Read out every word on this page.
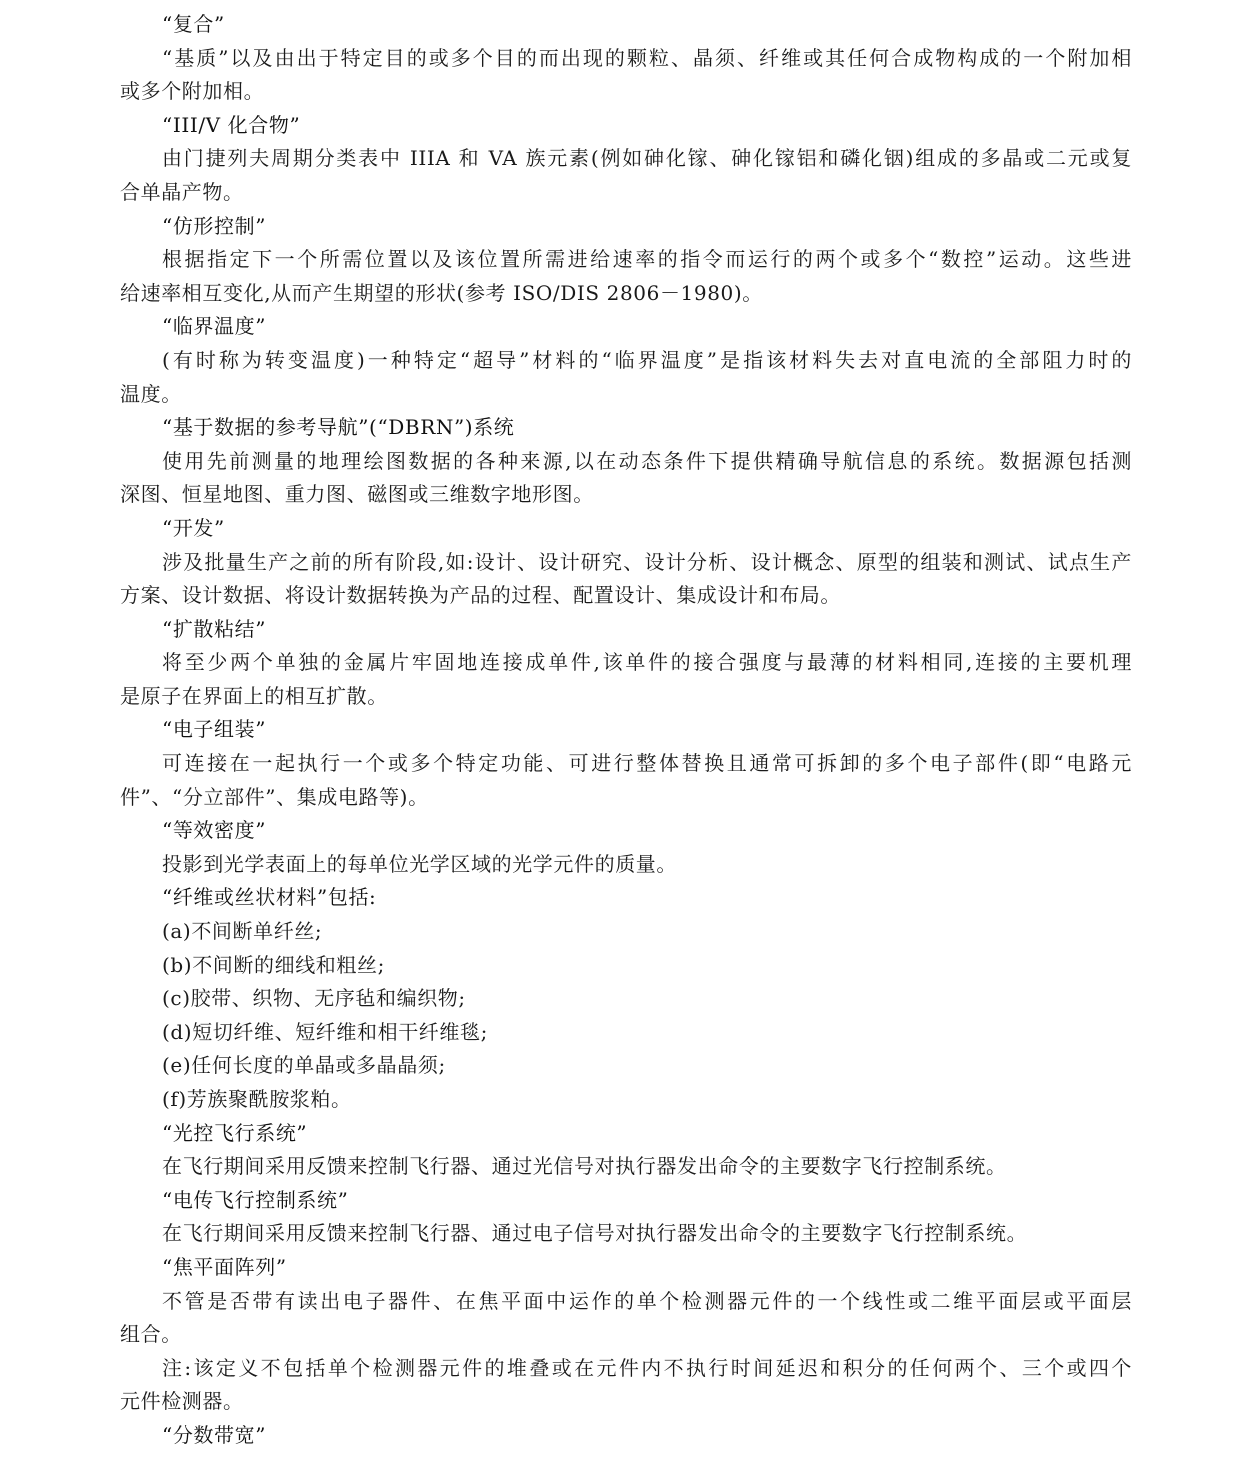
“复合”
“基质”以及由出于特定目的或多个目的而出现的颗粒、晶须、纤维或其任何合成物构成的一个附加相
或多个附加相。
“III/V 化合物”
由门捷列夫周期分类表中 IIIA 和 VA 族元素(例如砷化镓、砷化镓铝和磷化铟)组成的多晶或二元或复
合单晶产物。
“仿形控制”
根据指定下一个所需位置以及该位置所需进给速率的指令而运行的两个或多个“数控”运动。这些进
给速率相互变化,从而产生期望的形状(参考 ISO/DIS 2806－1980)。
“临界温度”
(有时称为转变温度)一种特定“超导”材料的“临界温度”是指该材料失去对直电流的全部阻力时的
温度。
“基于数据的参考导航”(“DBRN”)系统
使用先前测量的地理绘图数据的各种来源,以在动态条件下提供精确导航信息的系统。数据源包括测
深图、恒星地图、重力图、磁图或三维数字地形图。
“开发”
涉及批量生产之前的所有阶段,如:设计、设计研究、设计分析、设计概念、原型的组装和测试、试点生产
方案、设计数据、将设计数据转换为产品的过程、配置设计、集成设计和布局。
“扩散粘结”
将至少两个单独的金属片牢固地连接成单件,该单件的接合强度与最薄的材料相同,连接的主要机理
是原子在界面上的相互扩散。
“电子组装”
可连接在一起执行一个或多个特定功能、可进行整体替换且通常可拆卸的多个电子部件(即“电路元
件”、“分立部件”、集成电路等)。
“等效密度”
投影到光学表面上的每单位光学区域的光学元件的质量。
“纤维或丝状材料”包括:
(a)不间断单纤丝;
(b)不间断的细线和粗丝;
(c)胶带、织物、无序毡和编织物;
(d)短切纤维、短纤维和相干纤维毯;
(e)任何长度的单晶或多晶晶须;
(f)芳族聚酰胺浆粕。
“光控飞行系统”
在飞行期间采用反馈来控制飞行器、通过光信号对执行器发出命令的主要数字飞行控制系统。
“电传飞行控制系统”
在飞行期间采用反馈来控制飞行器、通过电子信号对执行器发出命令的主要数字飞行控制系统。
“焦平面阵列”
不管是否带有读出电子器件、在焦平面中运作的单个检测器元件的一个线性或二维平面层或平面层
组合。
注:该定义不包括单个检测器元件的堆叠或在元件内不执行时间延迟和积分的任何两个、三个或四个
元件检测器。
“分数带宽”
